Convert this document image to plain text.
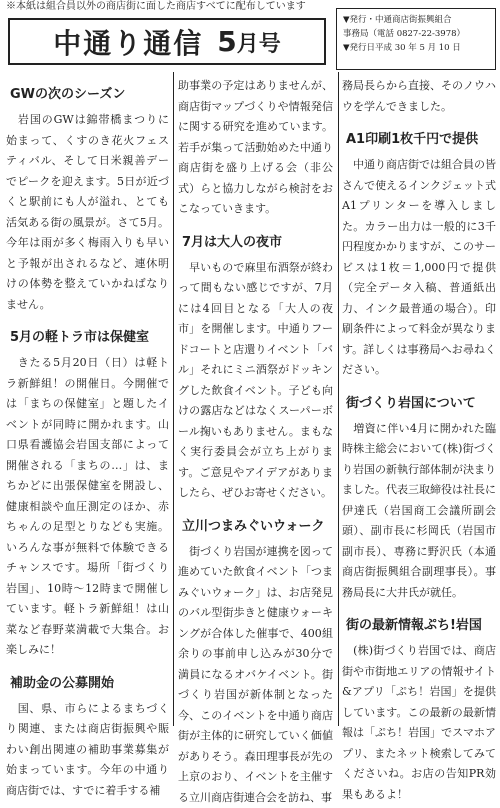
※本紙は組合員以外の商店街に面した商店すべてに配布しています
中通り通信 5月号
▼発行・中通商店街振興組合
事務局（電話 0827-22-3978）
▼発行日平成 30 年 5 月 10 日
GWの次のシーズン

　岩国のGWは錦帯橋まつりに始まって、くすのき花火フェスティバル、そして日米親善デーでピークを迎えます。5日が近づくと駅前にも人が溢れ、とても活気ある街の風景が。さて5月。今年は雨が多く梅雨入りも早いと予報が出されるなど、連休明けの体勢を整えていかねばなりません。

5月の軽トラ市は保健室

　きたる5月20日（日）は軽トラ新鮮組！の開催日。今開催では「まちの保健室」と題したイベントが同時に開かれます。山口県看護協会岩国支部によって開催される「まちの…」は、まちかどに出張保健室を開設し、健康相談や血圧測定のほか、赤ちゃんの足型とりなども実施。いろんな事が無料で体験できるチャンスです。場所「街づくり岩国」、10時〜12時まで開催しています。軽トラ新鮮組！は山菜など春野菜満載で大集合。お楽しみに！

補助金の公募開始

　国、県、市らによるまちづくり関連、または商店街振興や賑わい創出関連の補助事業募集が始まっています。今年の中通り商店街では、すでに着手する補

助事業の予定はありませんが、商店街マップづくりや情報発信に関する研究を進めています。若手が集って活動始めた中通り商店街を盛り上げる会（非公式）らと協力しながら検討をおこなっていきます。

7月は大人の夜市

　早いもので麻里布酒祭が終わって間もない感じですが、7月には4回目となる「大人の夜市」を開催します。中通りフードコートと店還りイベント「バル」それにミニ酒祭がドッキングした飲食イベント。子ども向けの露店などはなくスーパーボール掬いもありません。まもなく実行委員会が立ち上がります。ご意見やアイデアがありましたら、ぜひお寄せください。

立川つまみぐいウォーク

　街づくり岩国が連携を図って進めていた飲食イベント「つまみぐいウォーク」は、お店発見のバル型街歩きと健康ウォーキングが合体した催事で、400組余りの事前申し込みが30分で満員になるオバケイベント。街づくり岩国が新体制となった今、このイベントを中通り商店街が主体的に研究していく価値がありそう。森田理事長が先の上京のおり、イベントを主催する立川商店街連合会を訪ね、事

務局長らから直接、そのノウハウを学んできました。

A1印刷1枚千円で提供

　中通り商店街では組合員の皆さんで使えるインクジェット式A1プリンターを導入しました。カラー出力は一般的に3千円程度かかりますが、このサービスは1枚＝1,000円で提供（完全データ入稿、普通紙出力、インク最普通の場合）。印刷条件によって料金が異なります。詳しくは事務局へお尋ねください。

街づくり岩国について

　増資に伴い4月に開かれた臨時株主総会において(株)街づくり岩国の新執行部体制が決まりました。代表三取締役は社長に伊達氏（岩国商工会議所副会頭）、副市長に杉岡氏（岩国市副市長）、専務に野沢氏（本通商店街振興組合副理事長）。事務局長に大井氏が就任。

街の最新情報ぷち!岩国

　(株)街づくり岩国では、商店街や市街地エリアの情報サイト&アプリ「ぷち！岩国」を提供しています。この最新の最新情報は「ぷち！岩国」でスマホアプリ、またネット検索してみてくださいね。お店の告知PR効果もあるよ！
